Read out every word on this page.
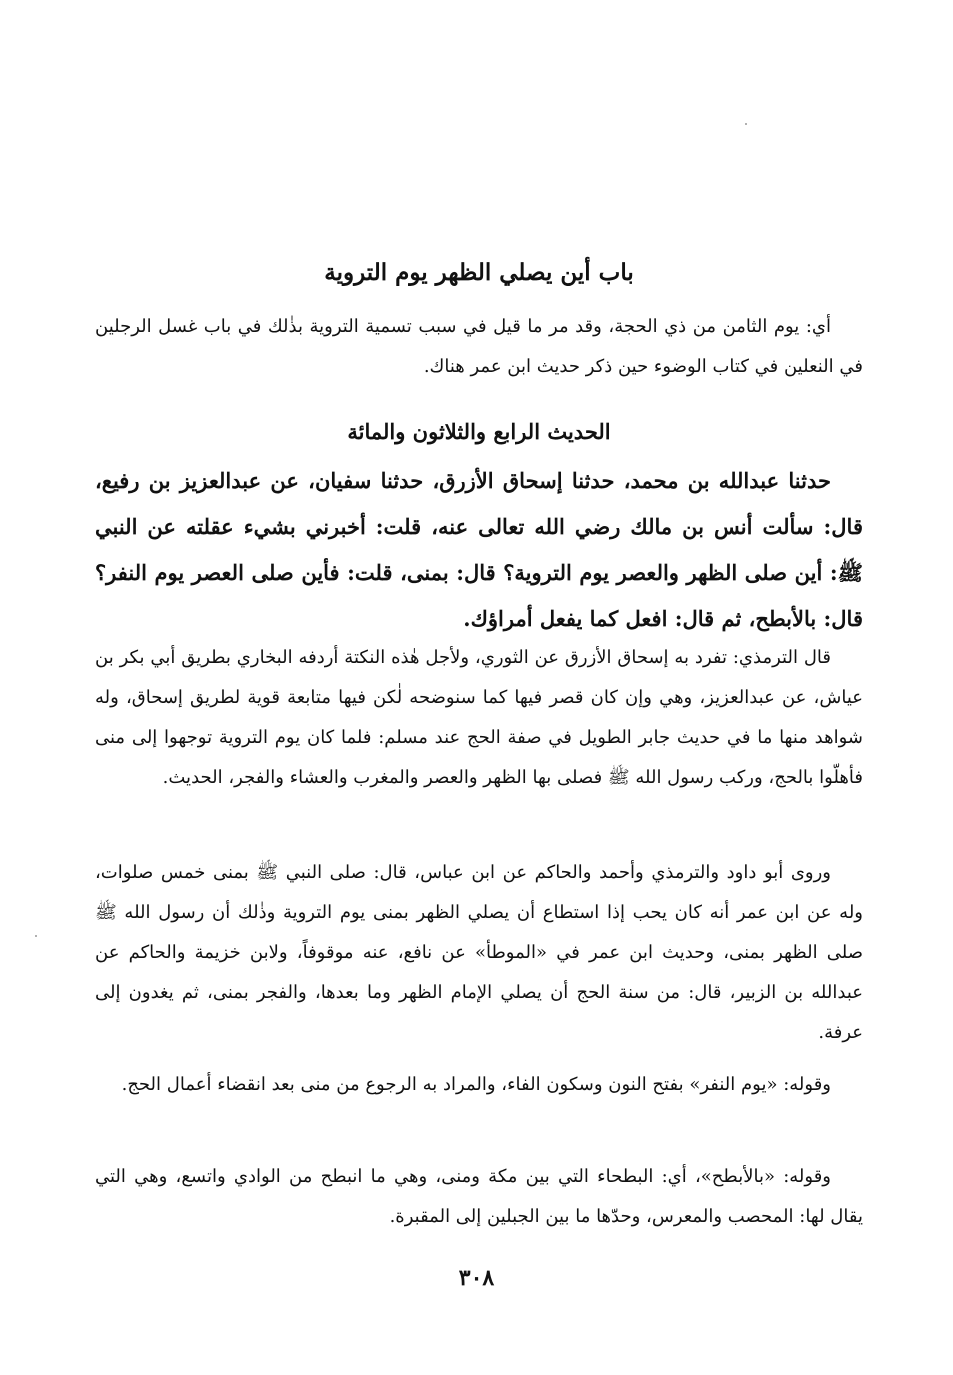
باب أين يصلي الظهر يوم التروية

أي: يوم الثامن من ذي الحجة، وقد مر ما قيل في سبب تسمية التروية بذٰلك في باب غسل الرجلين في النعلين في كتاب الوضوء حين ذكر حديث ابن عمر هناك.

الحديث الرابع والثلاثون والمائة

حدثنا عبدالله بن محمد، حدثنا إسحاق الأزرق، حدثنا سفيان، عن عبدالعزيز بن رفيع، قال: سألت أنس بن مالك رضي الله تعالى عنه، قلت: أخبرني بشيء عقلته عن النبي ﷺ: أين صلى الظهر والعصر يوم التروية؟ قال: بمنى، قلت: فأين صلى العصر يوم النفر؟ قال: بالأبطح، ثم قال: افعل كما يفعل أمراؤك.

قال الترمذي: تفرد به إسحاق الأزرق عن الثوري، ولأجل هٰذه النكتة أردفه البخاري بطريق أبي بكر بن عياش، عن عبدالعزيز، وهي وإن كان قصر فيها كما سنوضحه لٰكن فيها متابعة قوية لطريق إسحاق، وله شواهد منها ما في حديث جابر الطويل في صفة الحج عند مسلم: فلما كان يوم التروية توجهوا إلى منى فأهلّوا بالحج، وركب رسول الله ﷺ فصلى بها الظهر والعصر والمغرب والعشاء والفجر، الحديث.

وروى أبو داود والترمذي وأحمد والحاكم عن ابن عباس، قال: صلى النبي ﷺ بمنى خمس صلوات، وله عن ابن عمر أنه كان يحب إذا استطاع أن يصلي الظهر بمنى يوم التروية وذٰلك أن رسول الله ﷺ صلى الظهر بمنى، وحديث ابن عمر في «الموطأ» عن نافع، عنه موقوفاً، ولابن خزيمة والحاكم عن عبدالله بن الزبير، قال: من سنة الحج أن يصلي الإمام الظهر وما بعدها، والفجر بمنى، ثم يغدون إلى عرفة.

وقوله: «يوم النفر» بفتح النون وسكون الفاء، والمراد به الرجوع من منى بعد انقضاء أعمال الحج.

وقوله: «بالأبطح»، أي: البطحاء التي بين مكة ومنى، وهي ما انبطح من الوادي واتسع، وهي التي يقال لها: المحصب والمعرس، وحدّها ما بين الجبلين إلى المقبرة.

٣٠٨
